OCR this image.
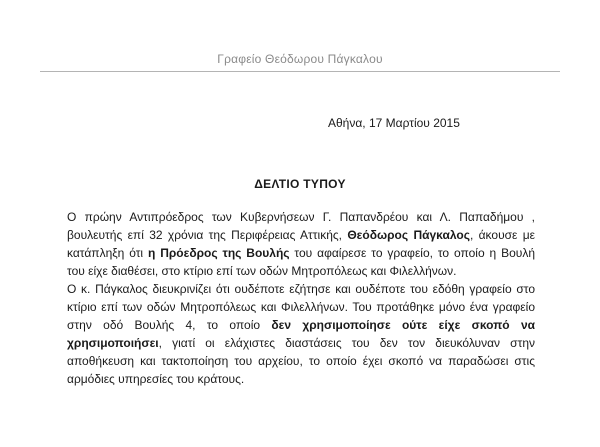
Γραφείο Θεόδωρου Πάγκαλου
Αθήνα, 17 Μαρτίου 2015
ΔΕΛΤΙΟ ΤΥΠΟΥ

Ο πρώην Αντιπρόεδρος των Κυβερνήσεων Γ. Παπανδρέου και Λ. Παπαδήμου , βουλευτής επί 32 χρόνια της Περιφέρειας Αττικής, Θεόδωρος Πάγκαλος, άκουσε με κατάπληξη ότι η Πρόεδρος της Βουλής του αφαίρεσε το γραφείο, το οποίο η Βουλή του είχε διαθέσει, στο κτίριο επί των οδών Μητροπόλεως και Φιλελλήνων.

Ο κ. Πάγκαλος διευκρινίζει ότι ουδέποτε εζήτησε και ουδέποτε του εδόθη γραφείο στο κτίριο επί των οδών Μητροπόλεως και Φιλελλήνων. Του προτάθηκε μόνο ένα γραφείο στην οδό Βουλής 4, το οποίο δεν χρησιμοποίησε ούτε είχε σκοπό να χρησιμοποιήσει, γιατί οι ελάχιστες διαστάσεις του δεν τον διευκόλυναν στην αποθήκευση και τακτοποίηση του αρχείου, το οποίο έχει σκοπό να παραδώσει στις αρμόδιες υπηρεσίες του κράτους.
